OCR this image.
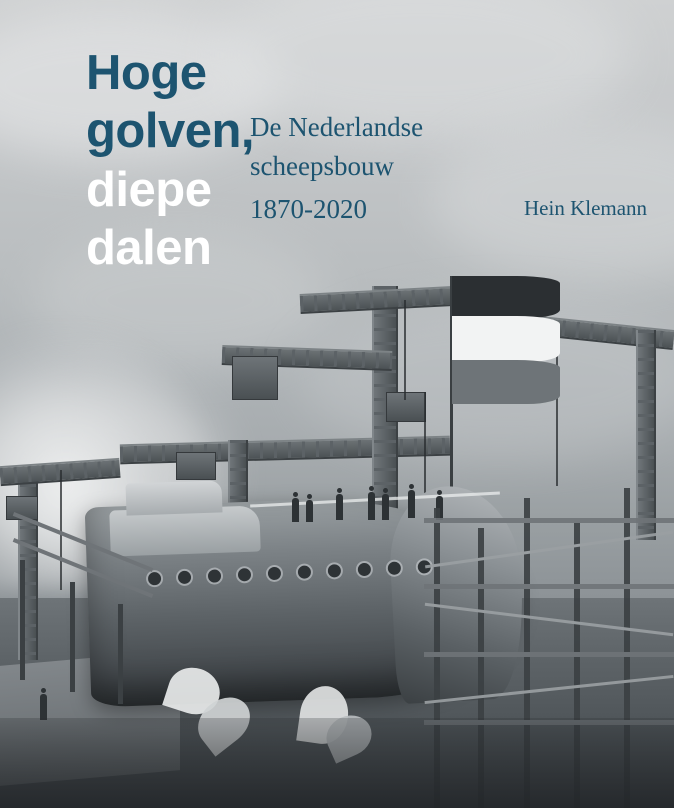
Hoge
golven,
diepe
dalen
De Nederlandse
scheepsbouw
1870-2020	Hein Klemann
